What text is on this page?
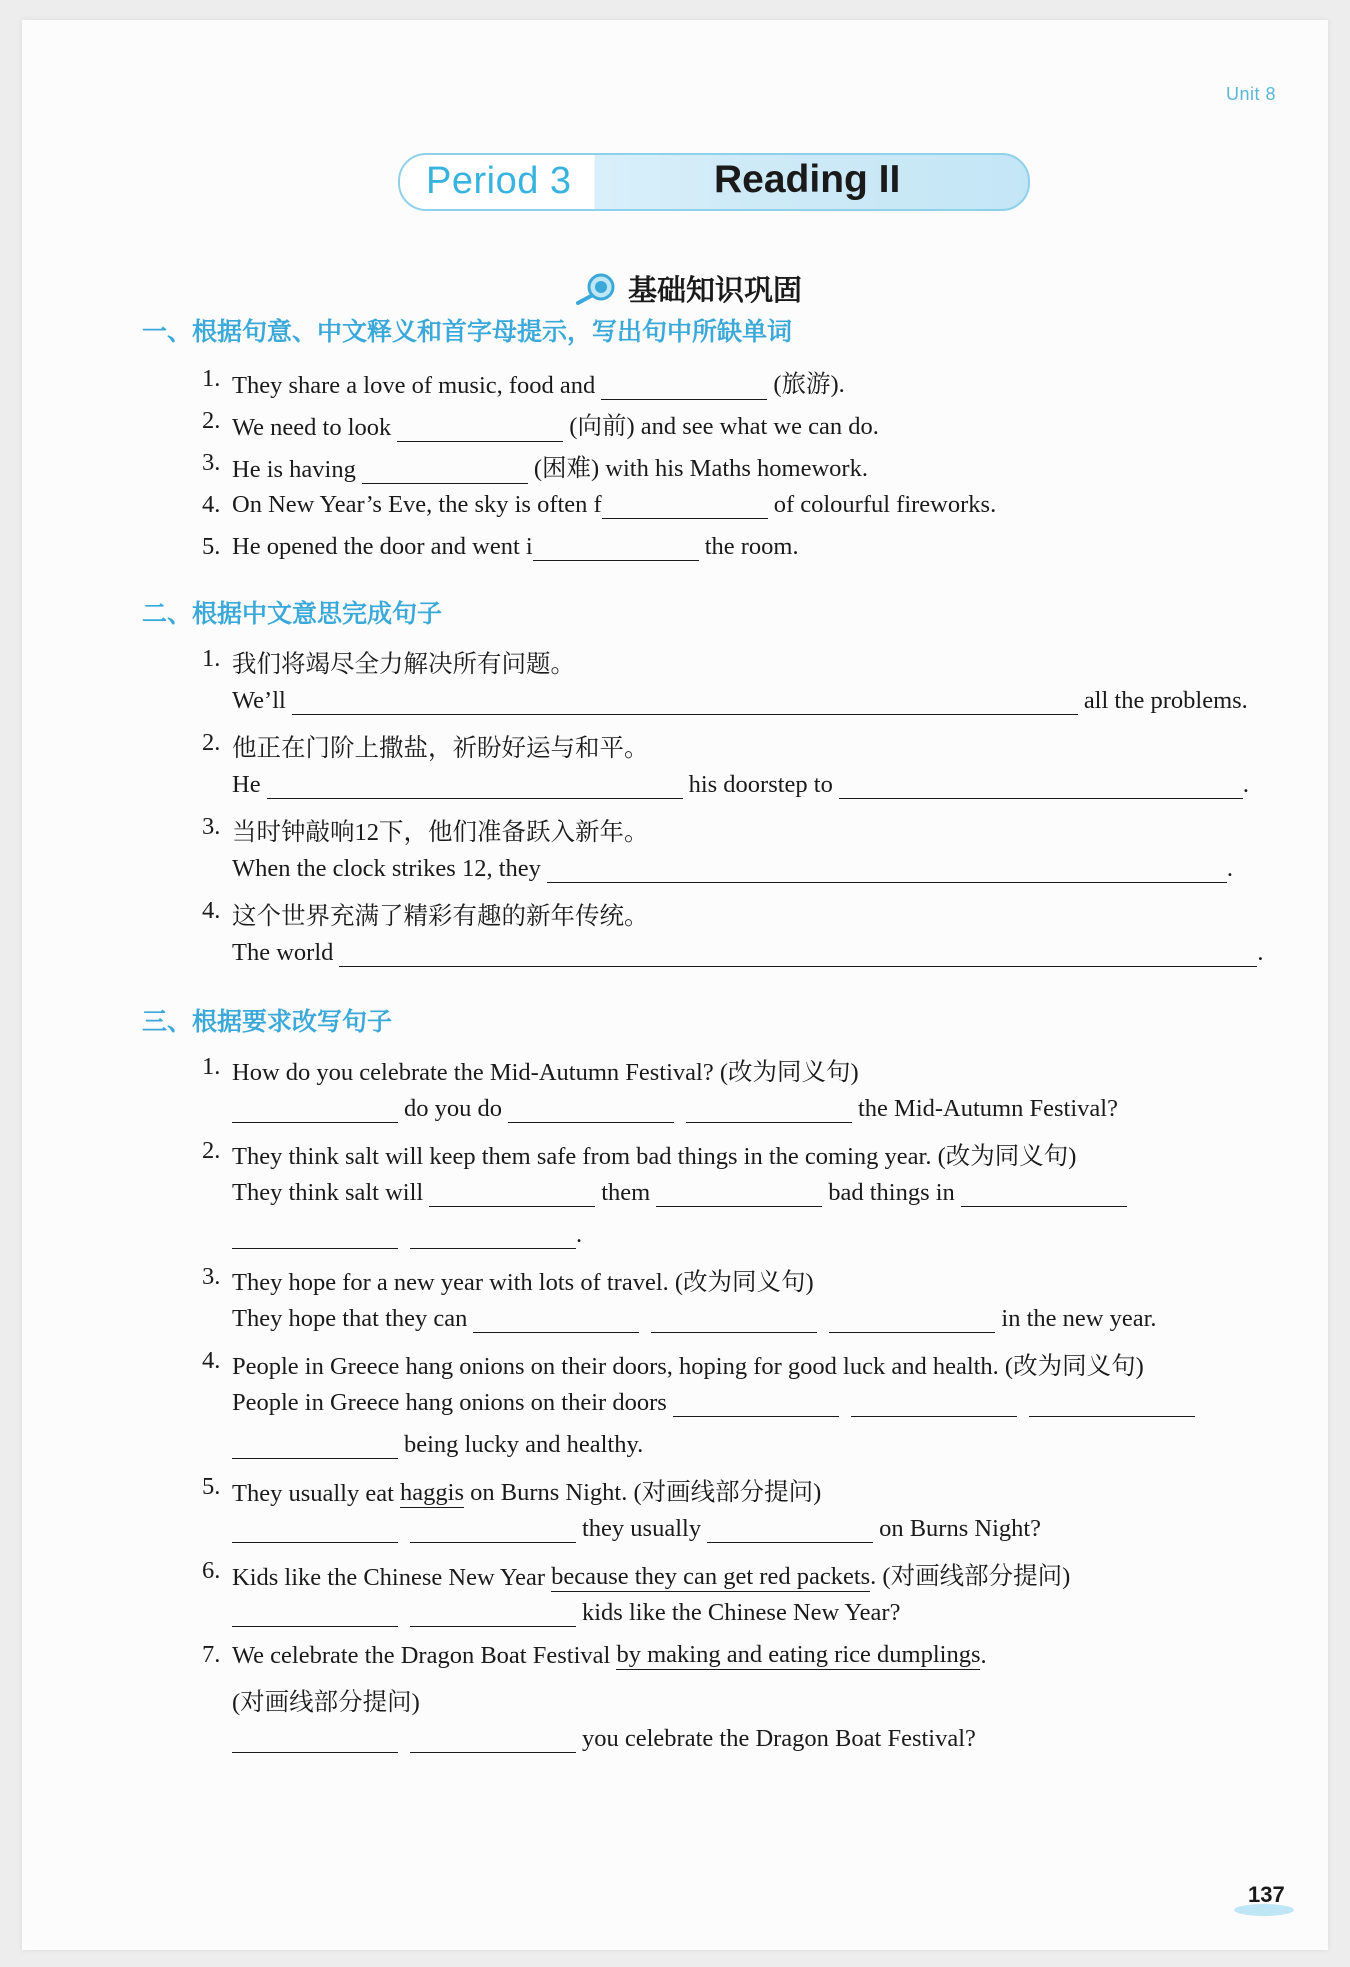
Unit 8
Period 3	Reading II
基础知识巩固
一、根据句意、中文释义和首字母提示，写出句中所缺单词
1. They share a love of music, food and	(旅游).
2. We need to look	(向前) and see what we can do.
3. He is having	(困难) with his Maths homework.
4. On New Year’s Eve, the sky is often f	of colourful fireworks.
5. He opened the door and went i	the room.
二、根据中文意思完成句子
1. 我们将竭尽全力解决所有问题。
We’ll	all the problems.
2. 他正在门阶上撒盐，祈盼好运与和平。
He	his doorstep to	.
3. 当时钟敲响12下，他们准备跃入新年。
When the clock strikes 12, they	.
4. 这个世界充满了精彩有趣的新年传统。
The world	.
三、根据要求改写句子
1. How do you celebrate the Mid-Autumn Festival? (改为同义句)
do you do	the Mid-Autumn Festival?
2. They think salt will keep them safe from bad things in the coming year. (改为同义句)
They think salt will	them	bad things in
.
3. They hope for a new year with lots of travel. (改为同义句)
They hope that they can	in the new year.
4. People in Greece hang onions on their doors, hoping for good luck and health. (改为同义句)
People in Greece hang onions on their doors
being lucky and healthy.
5. They usually eat
haggis
on Burns Night. (对画线部分提问)
they usually	on Burns Night?
6. Kids like the Chinese New Year
because they can get red packets . (对画线部分提问)
kids like the Chinese New Year?
7. We celebrate the Dragon Boat Festival
by making and eating rice dumplings .
(对画线部分提问)
you celebrate the Dragon Boat Festival?
137
